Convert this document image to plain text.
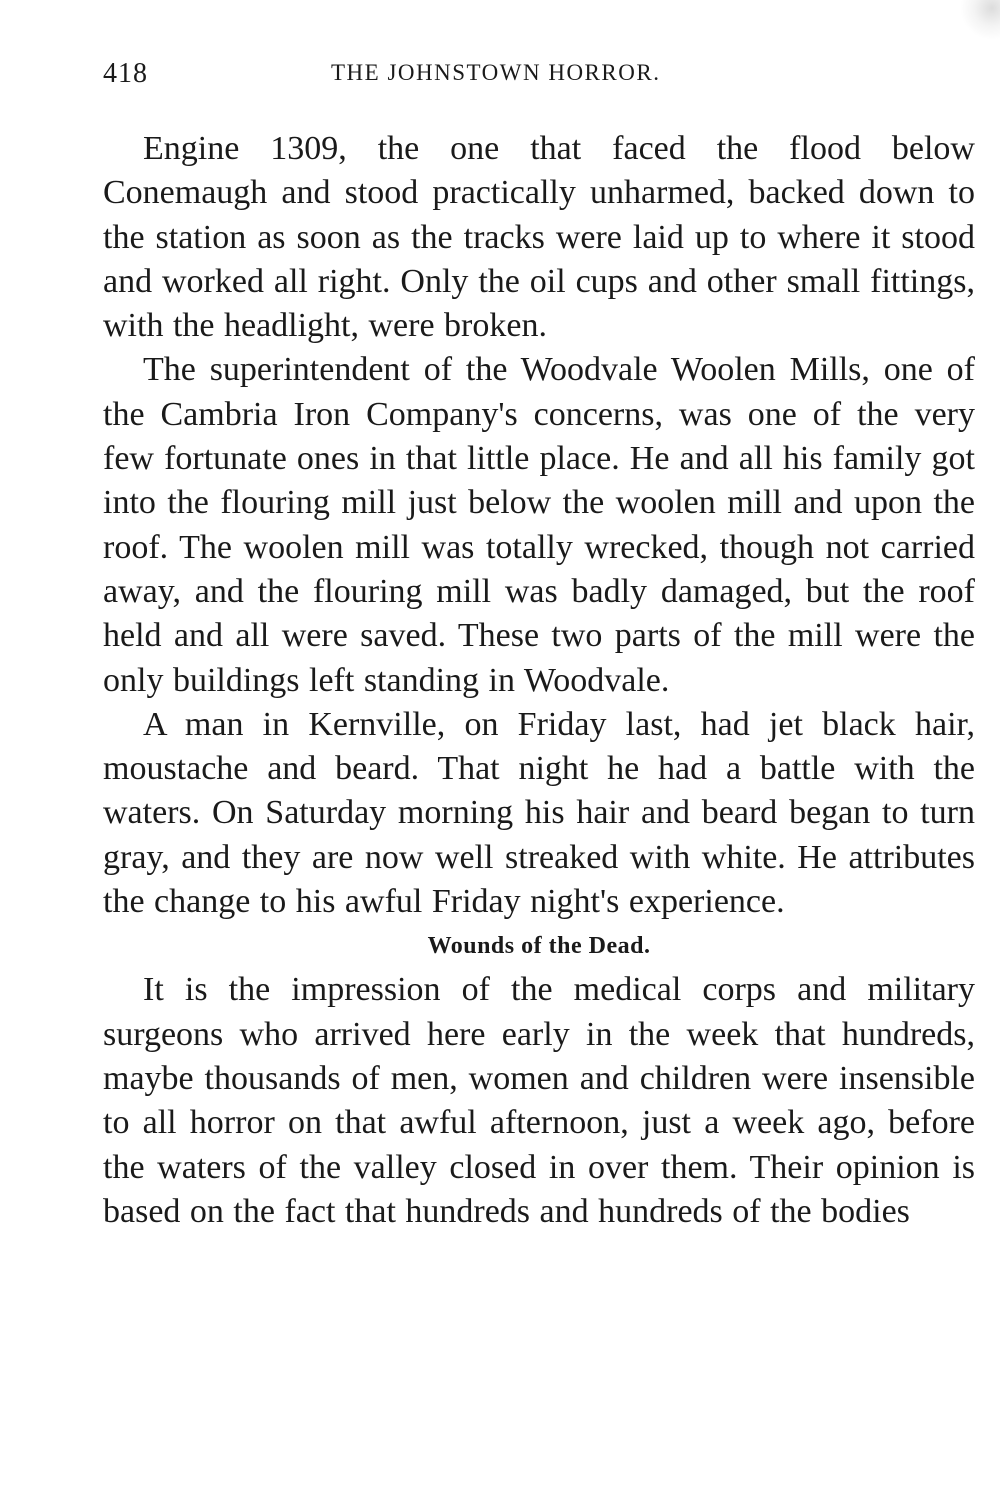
418	THE JOHNSTOWN HORROR.

Engine 1309, the one that faced the flood below Conemaugh and stood practically unharmed, backed down to the station as soon as the tracks were laid up to where it stood and worked all right. Only the oil cups and other small fittings, with the headlight, were broken.

The superintendent of the Woodvale Woolen Mills, one of the Cambria Iron Company's concerns, was one of the very few fortunate ones in that little place. He and all his family got into the flouring mill just below the woolen mill and upon the roof. The woolen mill was totally wrecked, though not carried away, and the flouring mill was badly damaged, but the roof held and all were saved. These two parts of the mill were the only buildings left standing in Woodvale.

A man in Kernville, on Friday last, had jet black hair, moustache and beard. That night he had a battle with the waters. On Saturday morning his hair and beard began to turn gray, and they are now well streaked with white. He attributes the change to his awful Friday night's experience.

Wounds of the Dead.

It is the impression of the medical corps and military surgeons who arrived here early in the week that hundreds, maybe thousands of men, women and children were insensible to all horror on that awful afternoon, just a week ago, before the waters of the valley closed in over them. Their opinion is based on the fact that hundreds and hundreds of the bodies
